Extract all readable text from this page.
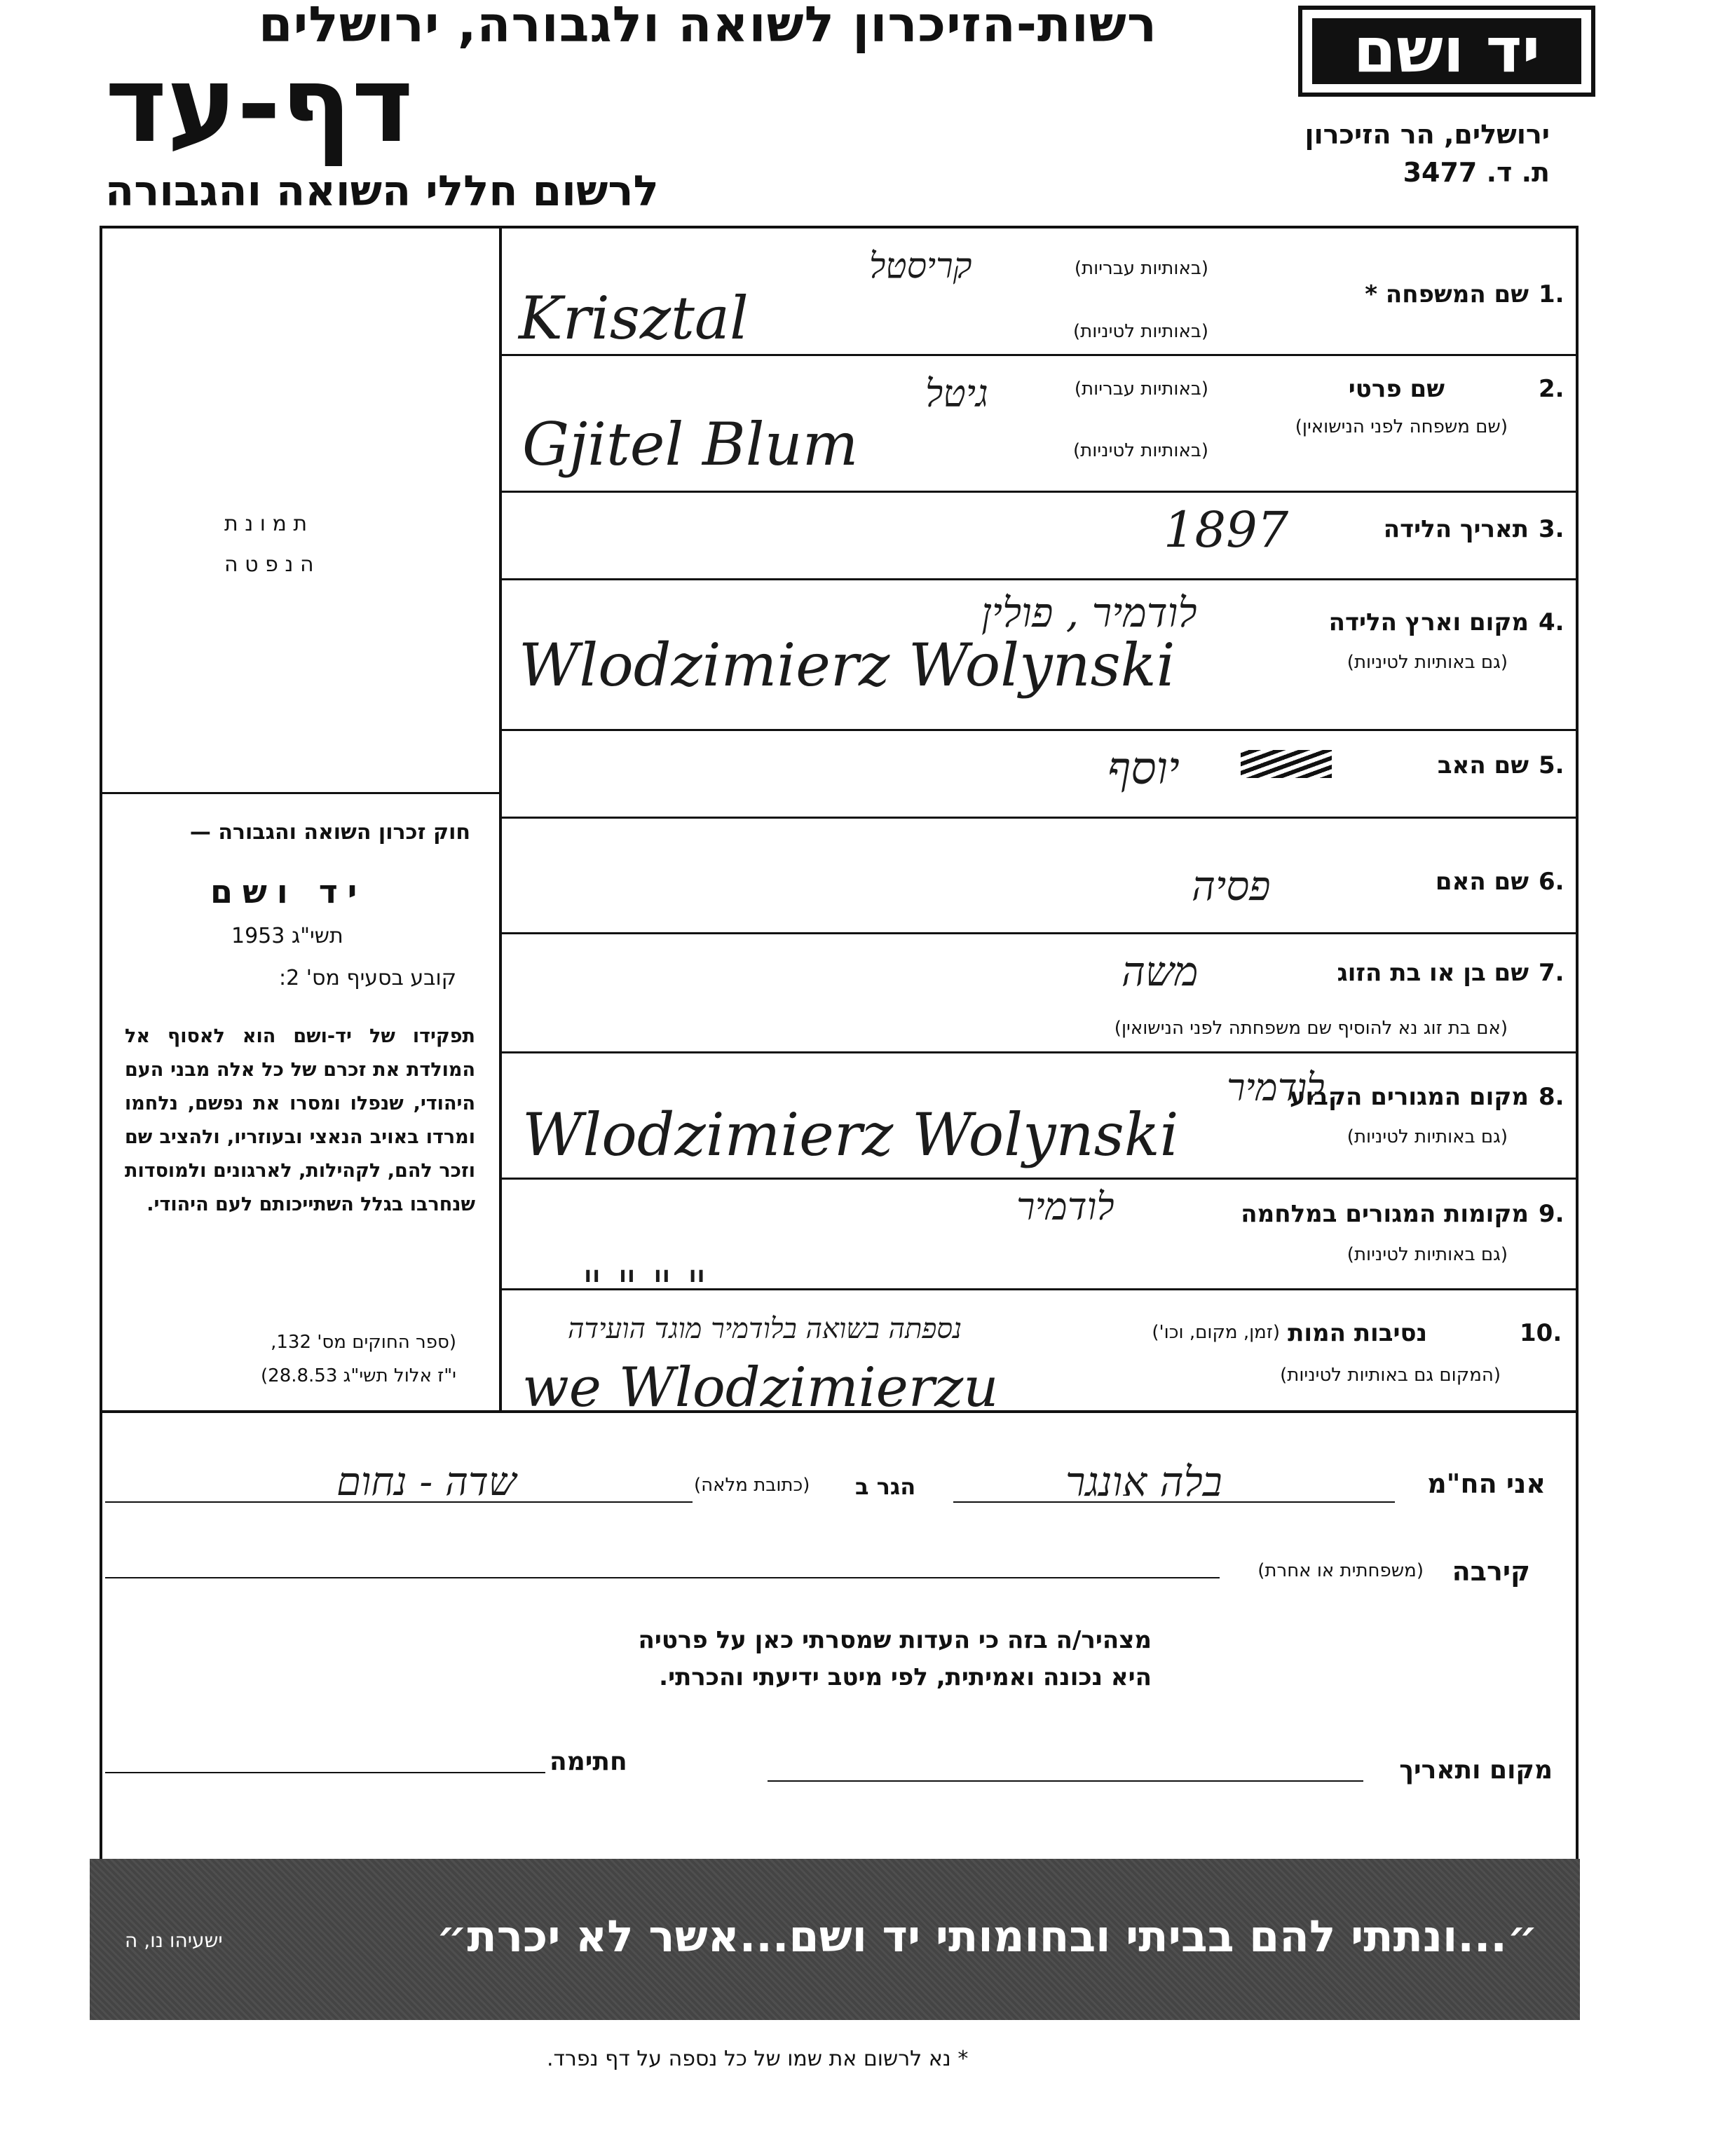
רשות-הזיכרון לשואה ולגבורה, ירושלים
דף-עד
לרשום חללי השואה והגבורה
יד ושם
ירושלים, הר הזיכרון
ת. ד. 3477
ת מ ו נ ת
ה נ פ ט ה
חוק זכרון השואה והגבורה —
יד ושם
תשי"ג 1953
קובע בסעיף מס' 2:
תפקידו של יד-ושם הוא לאסוף אל המולדת את זכרם של כל אלה מבני העם היהודי, שנפלו ומסרו את נפשם, נלחמו ומרדו באויב הנאצי ובעוזריו, ולהציב שם וזכר להם, לקהילות, לארגונים ולמוסדות שנחרבו בגלל השתייכותם לעם היהודי.
(ספר החוקים מס' 132,
י"ז אלול תשי"ג 28.8.53)
1.
שם המשפחה *
(באותיות עבריות)
(באותיות לטיניות)
קריסטל
Krisztal
2.
שם פרטי
(באותיות עבריות)
(שם משפחה לפני הנישואין)
(באותיות לטיניות)
גיטל
Gjitel Blum
3.
תאריך הלידה
1897
4.
מקום וארץ הלידה
(גם באותיות לטיניות)
לודמיר , פולין
Wlodzimierz Wolynski
5.
שם האב
יוסף
6.
שם האם
פסיה
7.
שם בן או בת הזוג
(אם בת זוג נא להוסיף שם משפחתה לפני הנישואין)
משה
8.
מקום המגורים הקבוע
(גם באותיות לטיניות)
לודמיר
Wlodzimierz Wolynski
9.
מקומות המגורים במלחמה
(גם באותיות לטיניות)
לודמיר
" " " "
10.
נסיבות המות
(זמן, מקום, וכו')
(המקום גם באותיות לטיניות)
נספתה בשואה בלודמיר מוגד הועידה
we Wlodzimierzu
אני הח"מ
בלה אונגר
הגר ב
(כתובת מלאה)
שדה - נחום
קירבה
(משפחתית או אחרת)
מצהיר/ה בזה כי העדות שמסרתי כאן על פרטיה
היא נכונה ואמיתית, לפי מיטב ידיעתי והכרתי.
מקום ותאריך
חתימה
״...ונתתי להם בביתי ובחומותי יד ושם...אשר לא יכרת״
ישעיהו נו, ה
* נא לרשום את שמו של כל נספה על דף נפרד.
